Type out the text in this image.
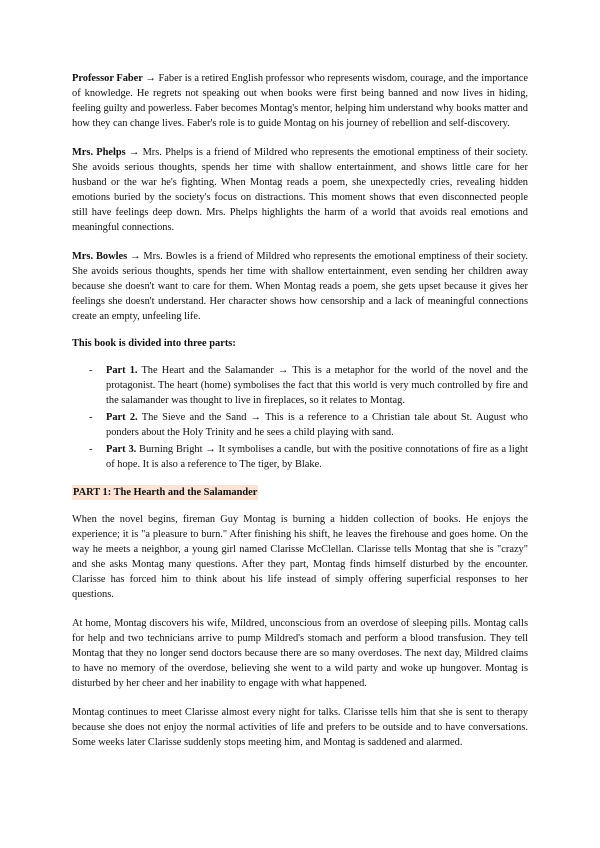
Professor Faber → Faber is a retired English professor who represents wisdom, courage, and the importance of knowledge. He regrets not speaking out when books were first being banned and now lives in hiding, feeling guilty and powerless. Faber becomes Montag's mentor, helping him understand why books matter and how they can change lives. Faber's role is to guide Montag on his journey of rebellion and self-discovery.

Mrs. Phelps → Mrs. Phelps is a friend of Mildred who represents the emotional emptiness of their society. She avoids serious thoughts, spends her time with shallow entertainment, and shows little care for her husband or the war he's fighting. When Montag reads a poem, she unexpectedly cries, revealing hidden emotions buried by the society's focus on distractions. This moment shows that even disconnected people still have feelings deep down. Mrs. Phelps highlights the harm of a world that avoids real emotions and meaningful connections.

Mrs. Bowles → Mrs. Bowles is a friend of Mildred who represents the emotional emptiness of their society. She avoids serious thoughts, spends her time with shallow entertainment, even sending her children away because she doesn't want to care for them. When Montag reads a poem, she gets upset because it gives her feelings she doesn't understand. Her character shows how censorship and a lack of meaningful connections create an empty, unfeeling life.

This book is divided into three parts:

- Part 1. The Heart and the Salamander → This is a metaphor for the world of the novel and the protagonist. The heart (home) symbolises the fact that this world is very much controlled by fire and the salamander was thought to live in fireplaces, so it relates to Montag.
- Part 2. The Sieve and the Sand → This is a reference to a Christian tale about St. August who ponders about the Holy Trinity and he sees a child playing with sand.
- Part 3. Burning Bright → It symbolises a candle, but with the positive connotations of fire as a light of hope. It is also a reference to The tiger, by Blake.
PART 1: The Hearth and the Salamander

When the novel begins, fireman Guy Montag is burning a hidden collection of books. He enjoys the experience; it is "a pleasure to burn." After finishing his shift, he leaves the firehouse and goes home. On the way he meets a neighbor, a young girl named Clarisse McClellan. Clarisse tells Montag that she is "crazy" and she asks Montag many questions. After they part, Montag finds himself disturbed by the encounter. Clarisse has forced him to think about his life instead of simply offering superficial responses to her questions.

At home, Montag discovers his wife, Mildred, unconscious from an overdose of sleeping pills. Montag calls for help and two technicians arrive to pump Mildred's stomach and perform a blood transfusion. They tell Montag that they no longer send doctors because there are so many overdoses. The next day, Mildred claims to have no memory of the overdose, believing she went to a wild party and woke up hungover. Montag is disturbed by her cheer and her inability to engage with what happened.

Montag continues to meet Clarisse almost every night for talks. Clarisse tells him that she is sent to therapy because she does not enjoy the normal activities of life and prefers to be outside and to have conversations. Some weeks later Clarisse suddenly stops meeting him, and Montag is saddened and alarmed.
